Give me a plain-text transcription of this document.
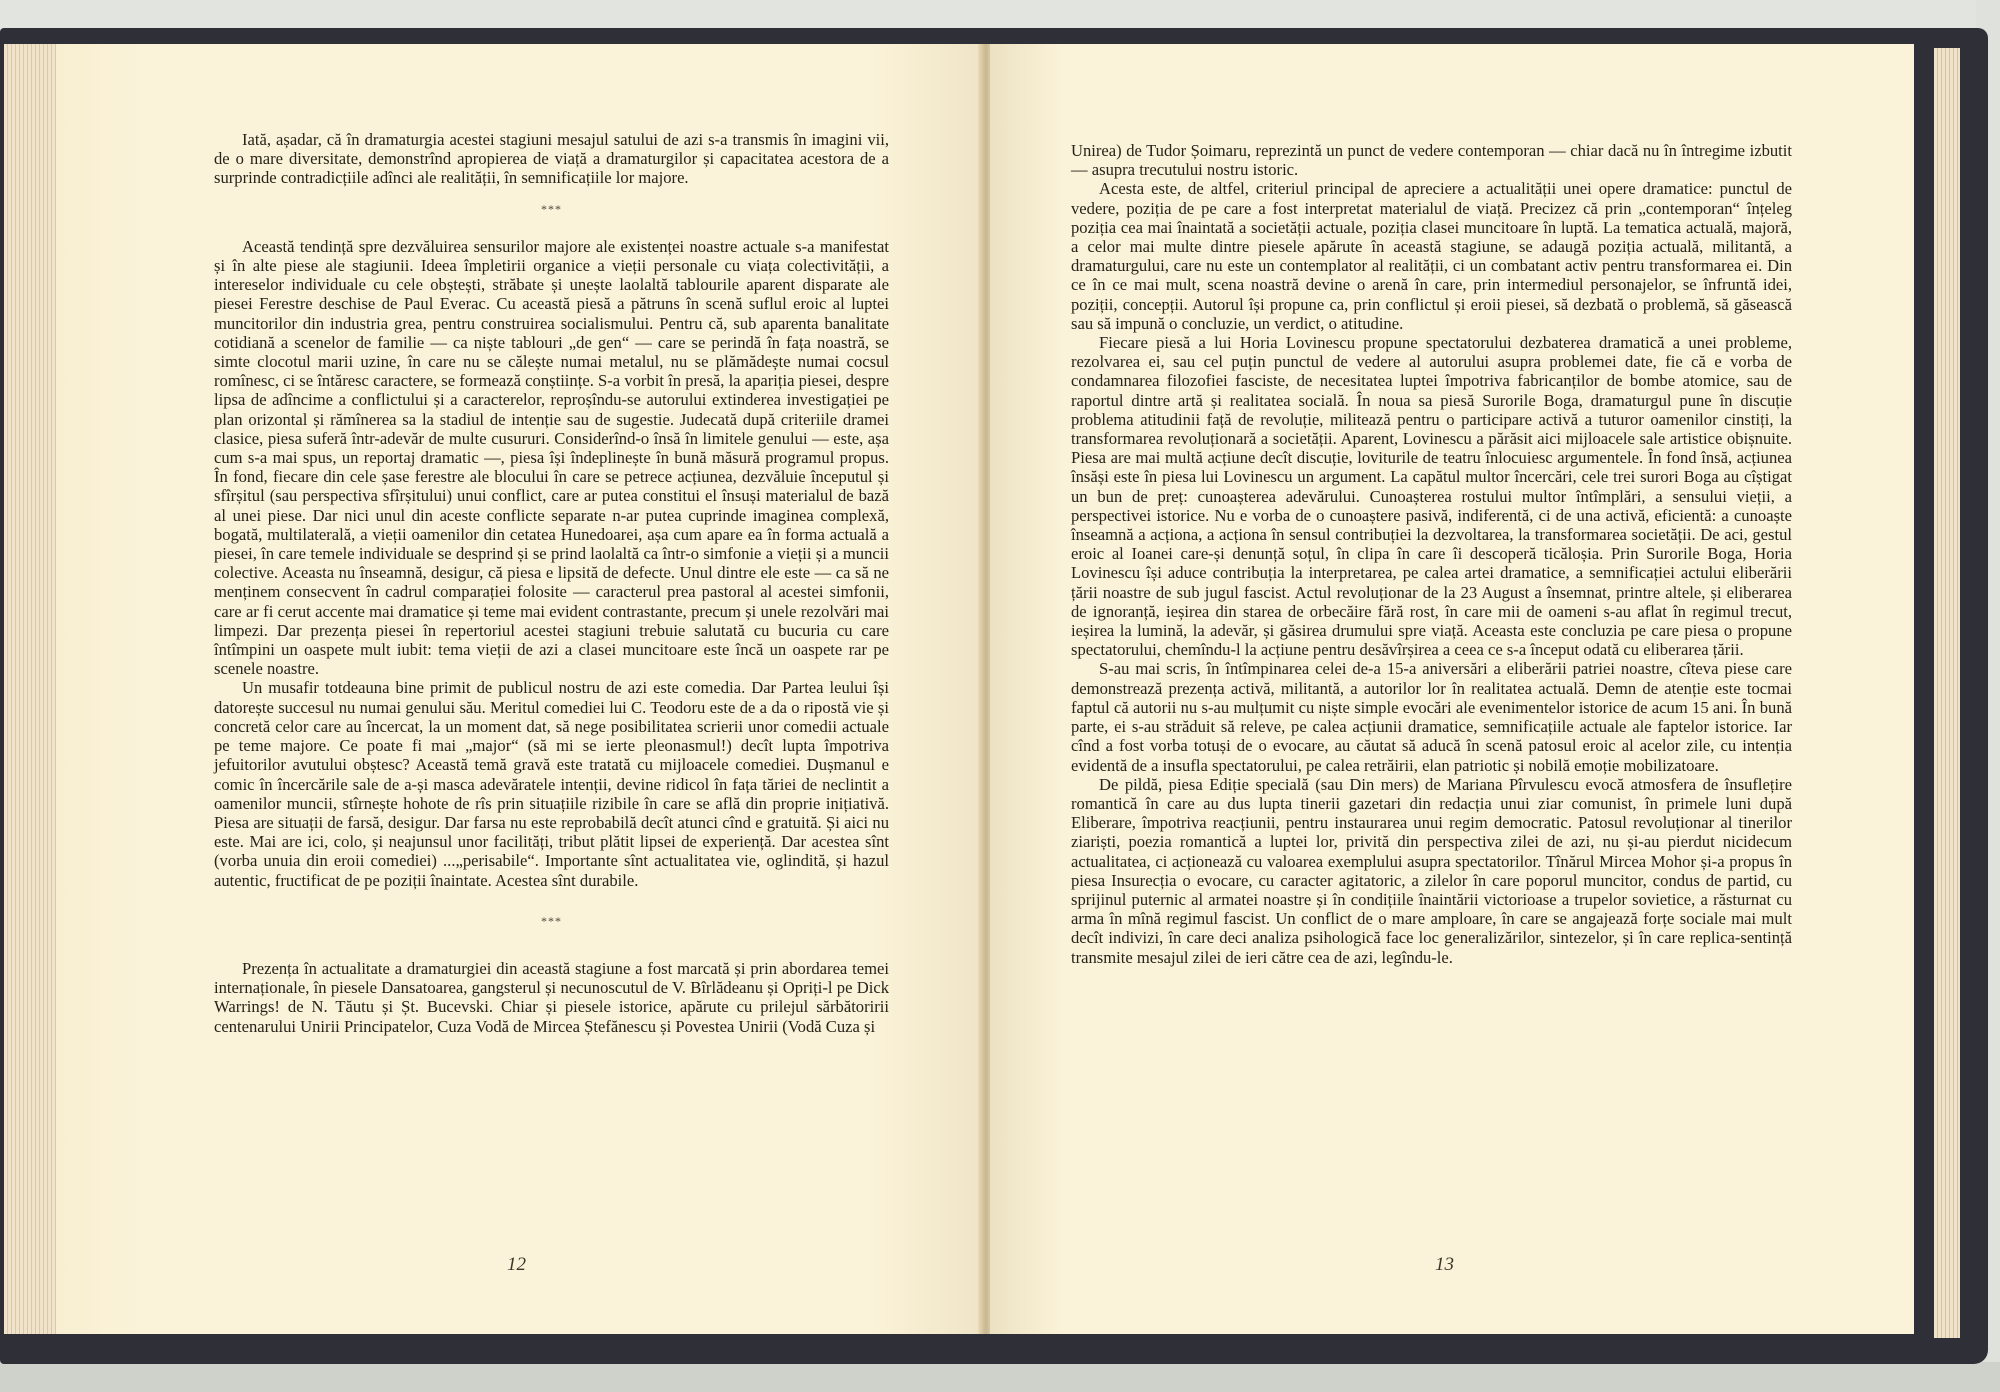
Iată, așadar, că în dramaturgia acestei stagiuni mesajul satului de azi s-a transmis în imagini vii, de o mare diversitate, demonstrînd apropierea de viață a dramaturgilor și capacitatea acestora de a surprinde contradicțiile adînci ale realității, în semnificațiile lor majore.

***

Această tendință spre dezvăluirea sensurilor majore ale existenței noastre actuale s-a manifestat și în alte piese ale stagiunii. Ideea împletirii organice a vieții personale cu viața colectivității, a intereselor individuale cu cele obștești, străbate și unește laolaltă tablourile aparent disparate ale piesei Ferestre deschise de Paul Everac. Cu această piesă a pătruns în scenă suflul eroic al luptei muncitorilor din industria grea, pentru construirea socialismului. Pentru că, sub aparenta banalitate cotidiană a scenelor de familie — ca niște tablouri „de gen“ — care se perindă în fața noastră, se simte clocotul marii uzine, în care nu se călește numai metalul, nu se plămădește numai cocsul romînesc, ci se întăresc caractere, se formează conștiințe. S-a vorbit în presă, la apariția piesei, despre lipsa de adîncime a conflictului și a caracterelor, reproșîndu-se autorului extinderea investigației pe plan orizontal și rămînerea sa la stadiul de intenție sau de sugestie. Judecată după criteriile dramei clasice, piesa suferă într-adevăr de multe cusururi. Considerînd-o însă în limitele genului — este, așa cum s-a mai spus, un reportaj dramatic —, piesa își îndeplinește în bună măsură programul propus. În fond, fiecare din cele șase ferestre ale blocului în care se petrece acțiunea, dezvăluie începutul și sfîrșitul (sau perspectiva sfîrșitului) unui conflict, care ar putea constitui el însuși materialul de bază al unei piese. Dar nici unul din aceste conflicte separate n-ar putea cuprinde imaginea complexă, bogată, multilaterală, a vieții oamenilor din cetatea Hunedoarei, așa cum apare ea în forma actuală a piesei, în care temele individuale se desprind și se prind laolaltă ca într-o simfonie a vieții și a muncii colective. Aceasta nu înseamnă, desigur, că piesa e lipsită de defecte. Unul dintre ele este — ca să ne menținem consecvent în cadrul comparației folosite — caracterul prea pastoral al acestei simfonii, care ar fi cerut accente mai dramatice și teme mai evident contrastante, precum și unele rezolvări mai limpezi. Dar prezența piesei în repertoriul acestei stagiuni trebuie salutată cu bucuria cu care întîmpini un oaspete mult iubit: tema vieții de azi a clasei muncitoare este încă un oaspete rar pe scenele noastre.

Un musafir totdeauna bine primit de publicul nostru de azi este comedia. Dar Partea leului își datorește succesul nu numai genului său. Meritul comediei lui C. Teodoru este de a da o ripostă vie și concretă celor care au încercat, la un moment dat, să nege posibilitatea scrierii unor comedii actuale pe teme majore. Ce poate fi mai „major“ (să mi se ierte pleonasmul!) decît lupta împotriva jefuitorilor avutului obștesc? Această temă gravă este tratată cu mijloacele comediei. Dușmanul e comic în încercările sale de a-și masca adevăratele intenții, devine ridicol în fața tăriei de neclintit a oamenilor muncii, stîrnește hohote de rîs prin situațiile rizibile în care se află din proprie inițiativă. Piesa are situații de farsă, desigur. Dar farsa nu este reprobabilă decît atunci cînd e gratuită. Și aici nu este. Mai are ici, colo, și neajunsul unor facilități, tribut plătit lipsei de experiență. Dar acestea sînt (vorba unuia din eroii comediei) ...„perisabile“. Importante sînt actualitatea vie, oglindită, și hazul autentic, fructificat de pe poziții înaintate. Acestea sînt durabile.

***

Prezența în actualitate a dramaturgiei din această stagiune a fost marcată și prin abordarea temei internaționale, în piesele Dansatoarea, gangsterul și necunoscutul de V. Bîrlădeanu și Opriți-l pe Dick Warrings! de N. Tăutu și Șt. Bucevski. Chiar și piesele istorice, apărute cu prilejul sărbătoririi centenarului Unirii Principatelor, Cuza Vodă de Mircea Ștefănescu și Povestea Unirii (Vodă Cuza și

12

Unirea) de Tudor Șoimaru, reprezintă un punct de vedere contemporan — chiar dacă nu în întregime izbutit — asupra trecutului nostru istoric.

Acesta este, de altfel, criteriul principal de apreciere a actualității unei opere dramatice: punctul de vedere, poziția de pe care a fost interpretat materialul de viață. Precizez că prin „contemporan“ înțeleg poziția cea mai înaintată a societății actuale, poziția clasei muncitoare în luptă. La tematica actuală, majoră, a celor mai multe dintre piesele apărute în această stagiune, se adaugă poziția actuală, militantă, a dramaturgului, care nu este un contemplator al realității, ci un combatant activ pentru transformarea ei. Din ce în ce mai mult, scena noastră devine o arenă în care, prin intermediul personajelor, se înfruntă idei, poziții, concepții. Autorul își propune ca, prin conflictul și eroii piesei, să dezbată o problemă, să găsească sau să impună o concluzie, un verdict, o atitudine.

Fiecare piesă a lui Horia Lovinescu propune spectatorului dezbaterea dramatică a unei probleme, rezolvarea ei, sau cel puțin punctul de vedere al autorului asupra problemei date, fie că e vorba de condamnarea filozofiei fasciste, de necesitatea luptei împotriva fabricanților de bombe atomice, sau de raportul dintre artă și realitatea socială. În noua sa piesă Surorile Boga, dramaturgul pune în discuție problema atitudinii față de revoluție, militează pentru o participare activă a tuturor oamenilor cinstiți, la transformarea revoluționară a societății. Aparent, Lovinescu a părăsit aici mijloacele sale artistice obișnuite. Piesa are mai multă acțiune decît discuție, loviturile de teatru înlocuiesc argumentele. În fond însă, acțiunea însăși este în piesa lui Lovinescu un argument. La capătul multor încercări, cele trei surori Boga au cîștigat un bun de preț: cunoașterea adevărului. Cunoașterea rostului multor întîmplări, a sensului vieții, a perspectivei istorice. Nu e vorba de o cunoaștere pasivă, indiferentă, ci de una activă, eficientă: a cunoaște înseamnă a acționa, a acționa în sensul contribuției la dezvoltarea, la transformarea societății. De aci, gestul eroic al Ioanei care-și denunță soțul, în clipa în care îi descoperă ticăloșia. Prin Surorile Boga, Horia Lovinescu își aduce contribuția la interpretarea, pe calea artei dramatice, a semnificației actului eliberării țării noastre de sub jugul fascist. Actul revoluționar de la 23 August a însemnat, printre altele, și eliberarea de ignoranță, ieșirea din starea de orbecăire fără rost, în care mii de oameni s-au aflat în regimul trecut, ieșirea la lumină, la adevăr, și găsirea drumului spre viață. Aceasta este concluzia pe care piesa o propune spectatorului, chemîndu-l la acțiune pentru desăvîrșirea a ceea ce s-a început odată cu eliberarea țării.

S-au mai scris, în întîmpinarea celei de-a 15-a aniversări a eliberării patriei noastre, cîteva piese care demonstrează prezența activă, militantă, a autorilor lor în realitatea actuală. Demn de atenție este tocmai faptul că autorii nu s-au mulțumit cu niște simple evocări ale evenimentelor istorice de acum 15 ani. În bună parte, ei s-au străduit să releve, pe calea acțiunii dramatice, semnificațiile actuale ale faptelor istorice. Iar cînd a fost vorba totuși de o evocare, au căutat să aducă în scenă patosul eroic al acelor zile, cu intenția evidentă de a insufla spectatorului, pe calea retrăirii, elan patriotic și nobilă emoție mobilizatoare.

De pildă, piesa Ediție specială (sau Din mers) de Mariana Pîrvulescu evocă atmosfera de însuflețire romantică în care au dus lupta tinerii gazetari din redacția unui ziar comunist, în primele luni după Eliberare, împotriva reacțiunii, pentru instaurarea unui regim democratic. Patosul revoluționar al tinerilor ziariști, poezia romantică a luptei lor, privită din perspectiva zilei de azi, nu și-au pierdut nicidecum actualitatea, ci acționează cu valoarea exemplului asupra spectatorilor. Tînărul Mircea Mohor și-a propus în piesa Insurecția o evocare, cu caracter agitatoric, a zilelor în care poporul muncitor, condus de partid, cu sprijinul puternic al armatei noastre și în condițiile înaintării victorioase a trupelor sovietice, a răsturnat cu arma în mînă regimul fascist. Un conflict de o mare amploare, în care se angajează forțe sociale mai mult decît indivizi, în care deci analiza psihologică face loc generalizărilor, sintezelor, și în care replica-sentință transmite mesajul zilei de ieri către cea de azi, legîndu-le.

13
